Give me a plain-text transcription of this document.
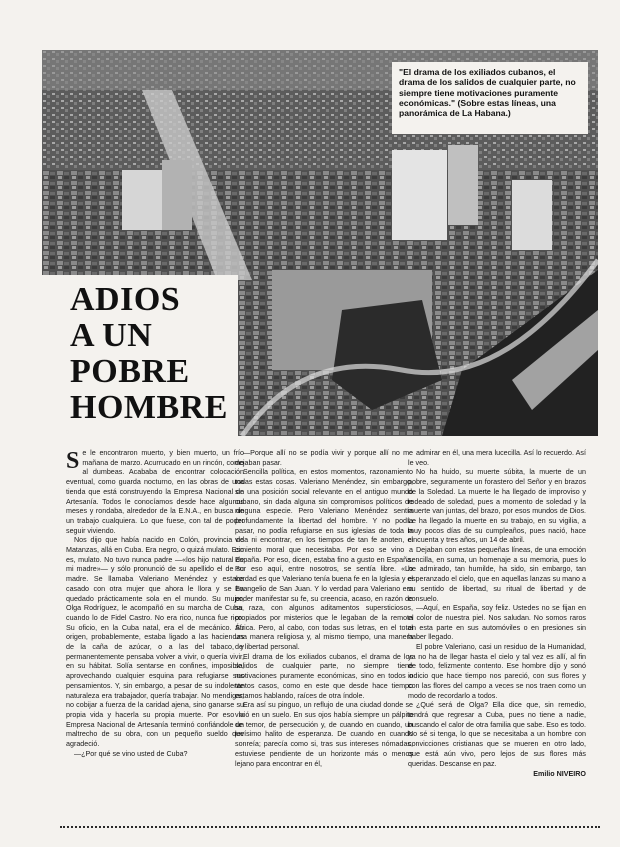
"El drama de los exiliados cubanos, el drama de los salidos de cualquier parte, no siempre tiene motivaciones puramente económicas." (Sobre estas líneas, una panorámica de La Habana.)
ADIOS
A UN
POBRE
HOMBRE

Se le encontraron muerto, y bien muerto, un frío mañana de marzo. Acurrucado en un rincón, como al dumbeas. Acababa de encontrar colocación eventual, como guarda nocturno, en las obras de una tienda que está construyendo la Empresa Nacional de Artesanía. Todos le conocíamos desde hace algunos meses y rondaba, alrededor de la E.N.A., en busca de un trabajo cualquiera. Lo que fuese, con tal de poder seguir viviendo.

Nos dijo que había nacido en Colón, provincia de Matanzas, allá en Cuba. Era negro, o quizá mulato. Eso es, mulato. No tuvo nunca padre —«los hijo natural de mi madre»— y sólo pronunció de su apellido el de su madre. Se llamaba Valeriano Menéndez y estaba casado con otra mujer que ahora le llora y se ha quedado prácticamente sola en el mundo. Su mujer, Olga Rodríguez, le acompañó en su marcha de Cuba, cuando lo de Fidel Castro. No era rico, nunca fue rico. Su oficio, en la Cuba natal, era el de mecánico. Su origen, probablemente, estaba ligado a las haciendas de la caña de azúcar, o a las del tabaco, y permanentemente pensaba volver a vivir, o quería vivir, en su hábitat. Solía sentarse en confines, imposible, aprovechando cualquier esquina para refugiarse sus pensamientos. Y, sin embargo, a pesar de su indolente naturaleza era trabajador, quería trabajar. No mendigar, no cobijar a fuerza de la caridad ajena, sino ganarse su propia vida y hacerla su propia muerte. Por eso la Empresa Nacional de Artesanía terminó confiándole un maltrecho de su obra, con un pequeño sueldo que agradeció.

—¿Por qué se vino usted de Cuba?

—Porque allí no se podía vivir y porque allí no me dejaban pasar.

Sencilla política, en estos momentos, razonamiento todas estas cosas. Valeriano Menéndez, sin embargo, sin una posición social relevante en el antiguo mundo cubano, sin dada alguna sin compromisos políticos de ninguna especie. Pero Valeriano Menéndez sentía profundamente la libertad del hombre. Y no podía pasar, no podía refugiarse en sus iglesias de toda la vida ni encontrar, en los tiempos de tan fe anoten, el cimiento moral que necesitaba. Por eso se vino a España. Por eso, dicen, estaba fino a gusto en España. Por eso aquí, entre nosotros, se sentía libre. «Lo verdad es que Valeriano tenía buena fe en la Iglesia y el Evangelio de San Juan. Y lo verdad para Valeriano era poder manifestar su fe, su creencia, acaso, en razón de su raza, con algunos aditamentos supersticiosos, propiados por misterios que le legaban de la remota África. Pero, al cabo, con todas sus letras, en el total una manera religiosa y, al mismo tiempo, una manera de libertad personal.

El drama de los exiliados cubanos, el drama de los salidos de cualquier parte, no siempre tiene motivaciones puramente económicas, sino en todos o tantos casos, como en este que desde hace tiempo estamos hablando, raíces de otra índole.

Era así su pinguo, un reflujo de una ciudad donde se vivió en un suelo. En sus ojos había siempre un pálpito de temor, de persecución y, de cuando en cuando, un levísimo halito de esperanza. De cuando en cuando sonreía; parecía como si, tras sus intereses nómadas, estuviese pendiente de un horizonte más o menos lejano para encontrar en él,

admirar en él, una mera lucecilla. Así lo recuerdo. Así le veo.

No ha huido, su muerte súbita, la muerte de un pobre, seguramente un forastero del Señor y en brazos de la Soledad. La muerte le ha llegado de improviso y rodeado de soledad, pues a momento de soledad y la muerte van juntas, del brazo, por esos mundos de Dios. Le ha llegado la muerte en su trabajo, en su vigilia, a muy pocos días de su cumpleaños, pues nació, hace cincuenta y tres años, un 14 de abril.

Dejaban con estas pequeñas líneas, de una emoción sencilla, en suma, un homenaje a su memoria, pues lo he admirado, tan humilde, ha sido, sin embargo, tan esperanzado el cielo, que en aquellas lanzas su mano a su sentido de libertad, su ritual de libertad y de consuelo.

—Aquí, en España, soy feliz. Ustedes no se fijan en el color de nuestra piel. Nos saludan. No somos raros en esta parte en sus automóviles o en presiones sin haber llegado.

El pobre Valeriano, casi un residuo de la Humanidad, ya no ha de llegar hasta el cielo y tal vez es allí, al fin de todo, felizmente contento. Ese hombre dijo y sonó indicio que hace tiempo nos pareció, con sus flores y con las flores del campo a veces se nos traen como un modo de recordarlo a todos.

¿Qué será de Olga? Ella dice que, sin remedio, tendrá que regresar a Cuba, pues no tiene a nadie, buscando el calor de otra familia que sabe. Eso es todo. No sé si tenga, lo que se necesitaba a un hombre con convicciones cristianas que se mueren en otro lado, que está aún vivo, pero lejos de sus flores más queridas. Descanse en paz.

Emilio NIVEIRO
